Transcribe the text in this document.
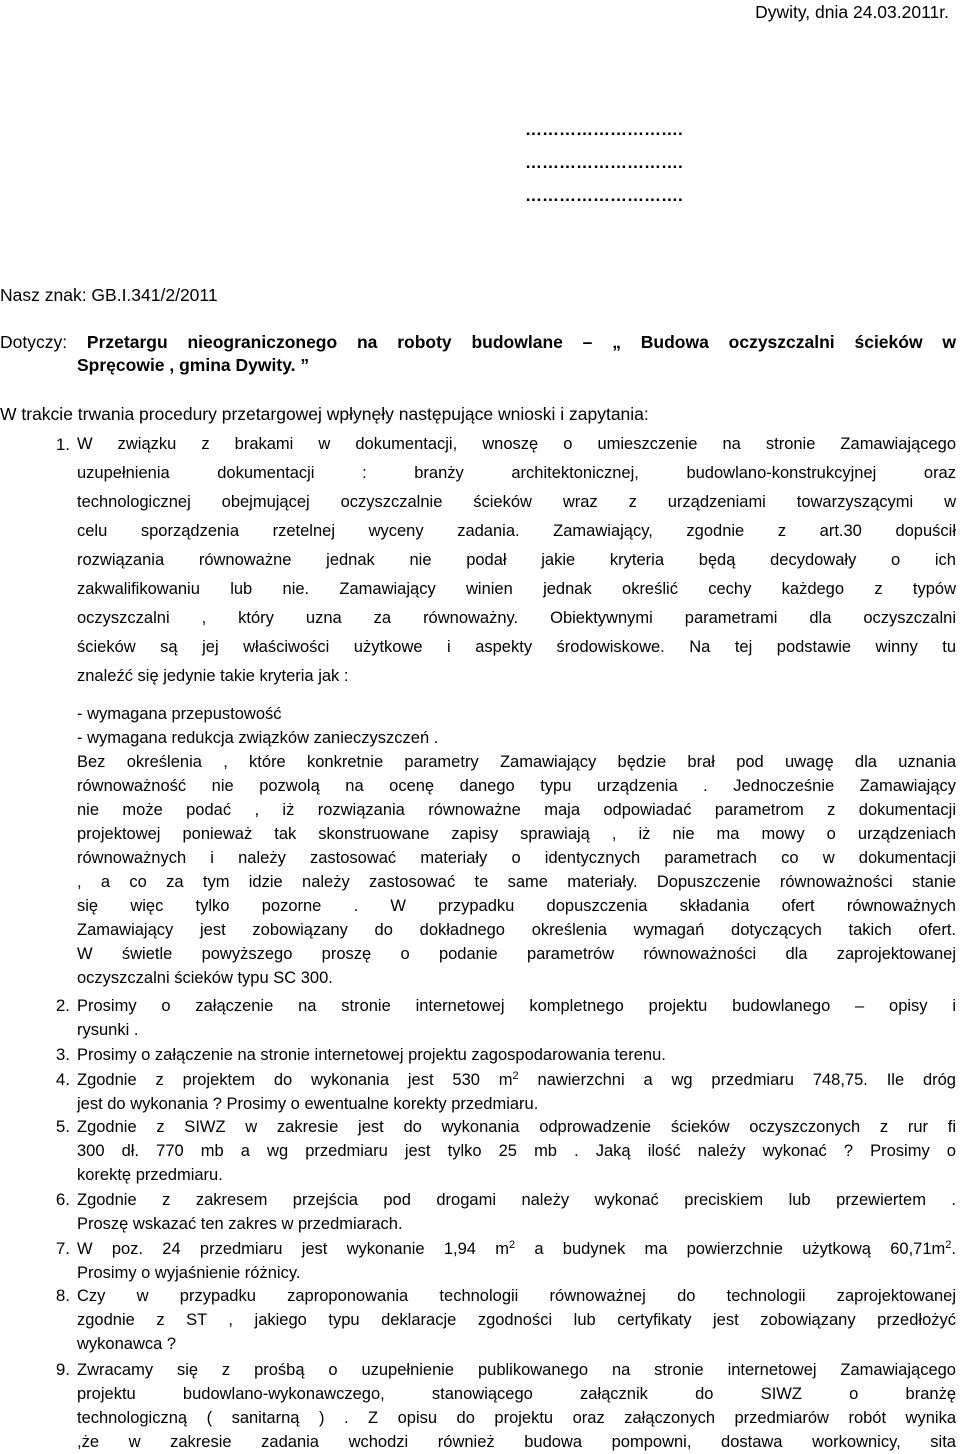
Dywity, dnia 24.03.2011r.
……………………….
……………………….
……………………….
Nasz znak: GB.I.341/2/2011
Dotyczy: Przetargu nieograniczonego na roboty budowlane – „ Budowa oczyszczalni ścieków w
Spręcowie , gmina Dywity. ”
W trakcie trwania procedury przetargowej wpłynęły następujące wnioski i zapytania:
1. W związku z brakami w dokumentacji, wnoszę o umieszczenie na stronie Zamawiającego
uzupełnienia dokumentacji : branży architektonicznej, budowlano-konstrukcyjnej oraz
technologicznej obejmującej oczyszczalnie ścieków wraz z urządzeniami towarzyszącymi w
celu sporządzenia rzetelnej wyceny zadania. Zamawiający, zgodnie z art.30 dopuścił
rozwiązania równoważne jednak nie podał jakie kryteria będą decydowały o ich
zakwalifikowaniu lub nie. Zamawiający winien jednak określić cechy każdego z typów
oczyszczalni , który uzna za równoważny. Obiektywnymi parametrami dla oczyszczalni
ścieków są jej właściwości użytkowe i aspekty środowiskowe. Na tej podstawie winny tu
znaleźć się jedynie takie kryteria jak :
- wymagana przepustowość
- wymagana redukcja związków zanieczyszczeń .
Bez określenia , które konkretnie parametry Zamawiający będzie brał pod uwagę dla uznania
równoważność nie pozwolą na ocenę danego typu urządzenia . Jednocześnie Zamawiający
nie może podać , iż rozwiązania równoważne maja odpowiadać parametrom z dokumentacji
projektowej ponieważ tak skonstruowane zapisy sprawiają , iż nie ma mowy o urządzeniach
równoważnych i należy zastosować materiały o identycznych parametrach co w dokumentacji
, a co za tym idzie należy zastosować te same materiały. Dopuszczenie równoważności stanie
się więc tylko pozorne . W przypadku dopuszczenia składania ofert równoważnych
Zamawiający jest zobowiązany do dokładnego określenia wymagań dotyczących takich ofert.
W świetle powyższego proszę o podanie parametrów równoważności dla zaprojektowanej
oczyszczalni ścieków typu SC 300.
2. Prosimy o załączenie na stronie internetowej kompletnego projektu budowlanego – opisy i
rysunki .
3. Prosimy o załączenie na stronie internetowej projektu zagospodarowania terenu.
4. Zgodnie z projektem do wykonania jest 530 $m^2$ nawierzchni a wg przedmiaru 748,75. Ile dróg
jest do wykonania ? Prosimy o ewentualne korekty przedmiaru.
5. Zgodnie z SIWZ w zakresie jest do wykonania odprowadzenie ścieków oczyszczonych z rur fi
300 dł. 770 mb a wg przedmiaru jest tylko 25 mb . Jaką ilość należy wykonać ? Prosimy o
korektę przedmiaru.
6. Zgodnie z zakresem przejścia pod drogami należy wykonać preciskiem lub przewiertem .
Proszę wskazać ten zakres w przedmiarach.
7. W poz. 24 przedmiaru jest wykonanie 1,94 $m^2$ a budynek ma powierzchnie użytkową $60,71m^2$.
Prosimy o wyjaśnienie różnicy.
8. Czy w przypadku zaproponowania technologii równoważnej do technologii zaprojektowanej
zgodnie z ST , jakiego typu deklaracje zgodności lub certyfikaty jest zobowiązany przedłożyć
wykonawca ?
9. Zwracamy się z prośbą o uzupełnienie publikowanego na stronie internetowej Zamawiającego
projektu budowlano-wykonawczego, stanowiącego załącznik do SIWZ o branżę
technologiczną ( sanitarną ) . Z opisu do projektu oraz załączonych przedmiarów robót wynika
,że w zakresie zadania wchodzi również budowa pompowni, dostawa workownicy, sita
